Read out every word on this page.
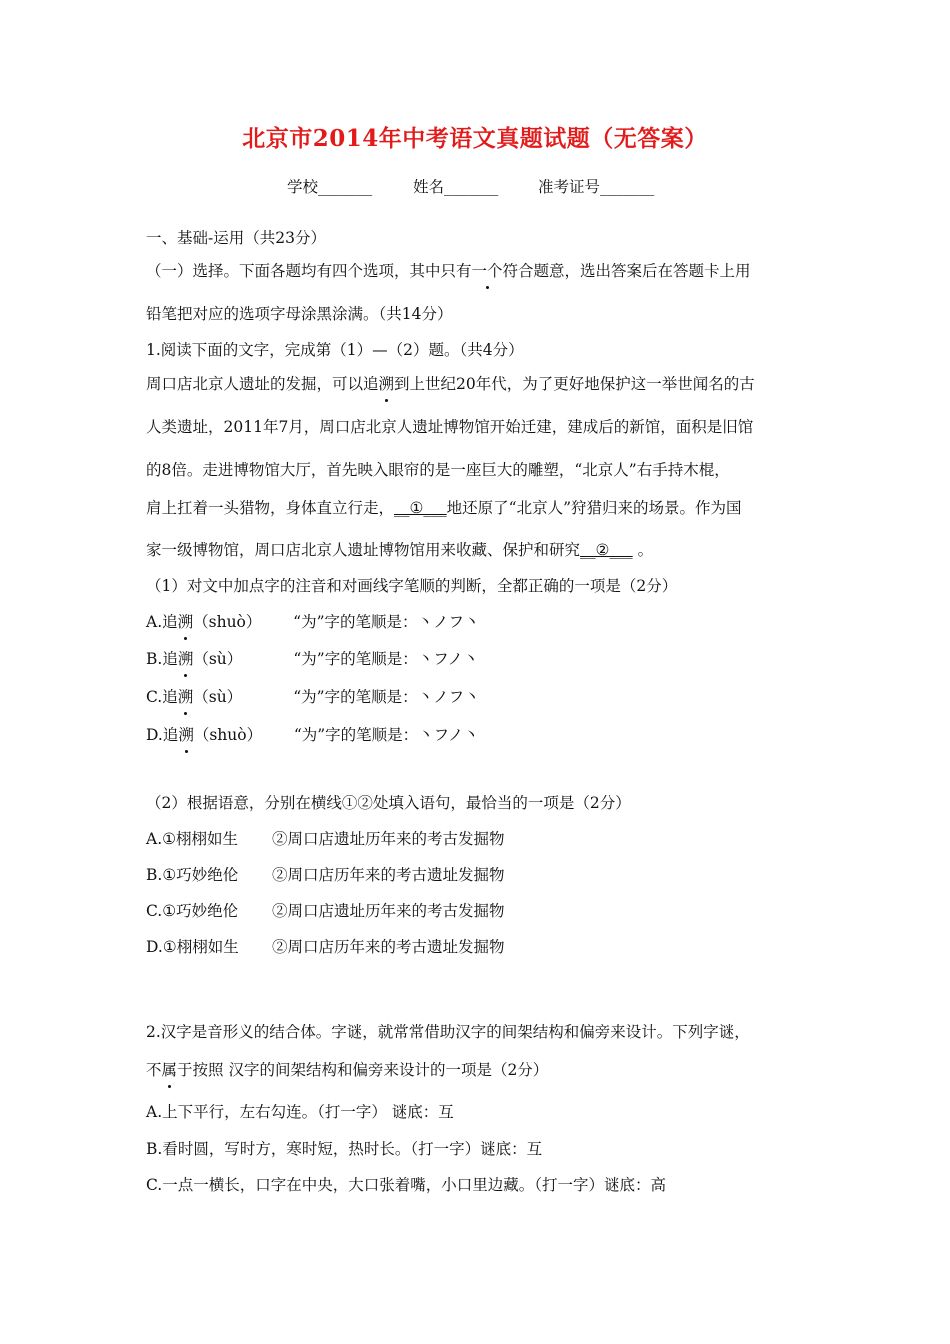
北京市2014年中考语文真题试题（无答案）
学校_______	姓名_______	准考证号_______
一、基础-运用（共23分）
（一）选择。下面各题均有四个选项，其中只有一个符合题意，选出答案后在答题卡上用
铅笔把对应的选项字母涂黑涂满。（共14分）
1.阅读下面的文字，完成第（1）—（2）题。（共4分）
周口店北京人遗址的发掘，可以追溯到上世纪20年代，为了更好地保护这一举世闻名的古
人类遗址，2011年7月，周口店北京人遗址博物馆开始迁建，建成后的新馆，面积是旧馆
的8倍。走进博物馆大厅，首先映入眼帘的是一座巨大的雕塑，“北京人”右手持木棍，
肩上扛着一头猎物，身体直立行走，__①___地还原了“北京人”狩猎归来的场景。作为国
家一级博物馆，周口店北京人遗址博物馆用来收藏、保护和研究__②___ 。
（1）对文中加点字的注音和对画线字笔顺的判断，全都正确的一项是（2分）
A.追溯（shuò） “为”字的笔顺是：丶ノフ丶
B.追溯（sù）	“为”字的笔顺是：丶フノ丶
C.追溯（sù）	“为”字的笔顺是：丶ノフ丶
D.追溯（shuò） “为”字的笔顺是：丶フノ丶
（2）根据语意，分别在横线①②处填入语句，最恰当的一项是（2分）
A.①栩栩如生 ②周口店遗址历年来的考古发掘物
B.①巧妙绝伦 ②周口店历年来的考古遗址发掘物
C.①巧妙绝伦 ②周口店遗址历年来的考古发掘物
D.①栩栩如生 ②周口店历年来的考古遗址发掘物
2.汉字是音形义的结合体。字谜，就常常借助汉字的间架结构和偏旁来设计。下列字谜，
不属于按照 汉字的间架结构和偏旁来设计的一项是（2分）
A.上下平行，左右勾连。（打一字） 谜底：互
B.看时圆，写时方，寒时短，热时长。（打一字）谜底：互
C.一点一横长，口字在中央，大口张着嘴，小口里边藏。（打一字）谜底：高
